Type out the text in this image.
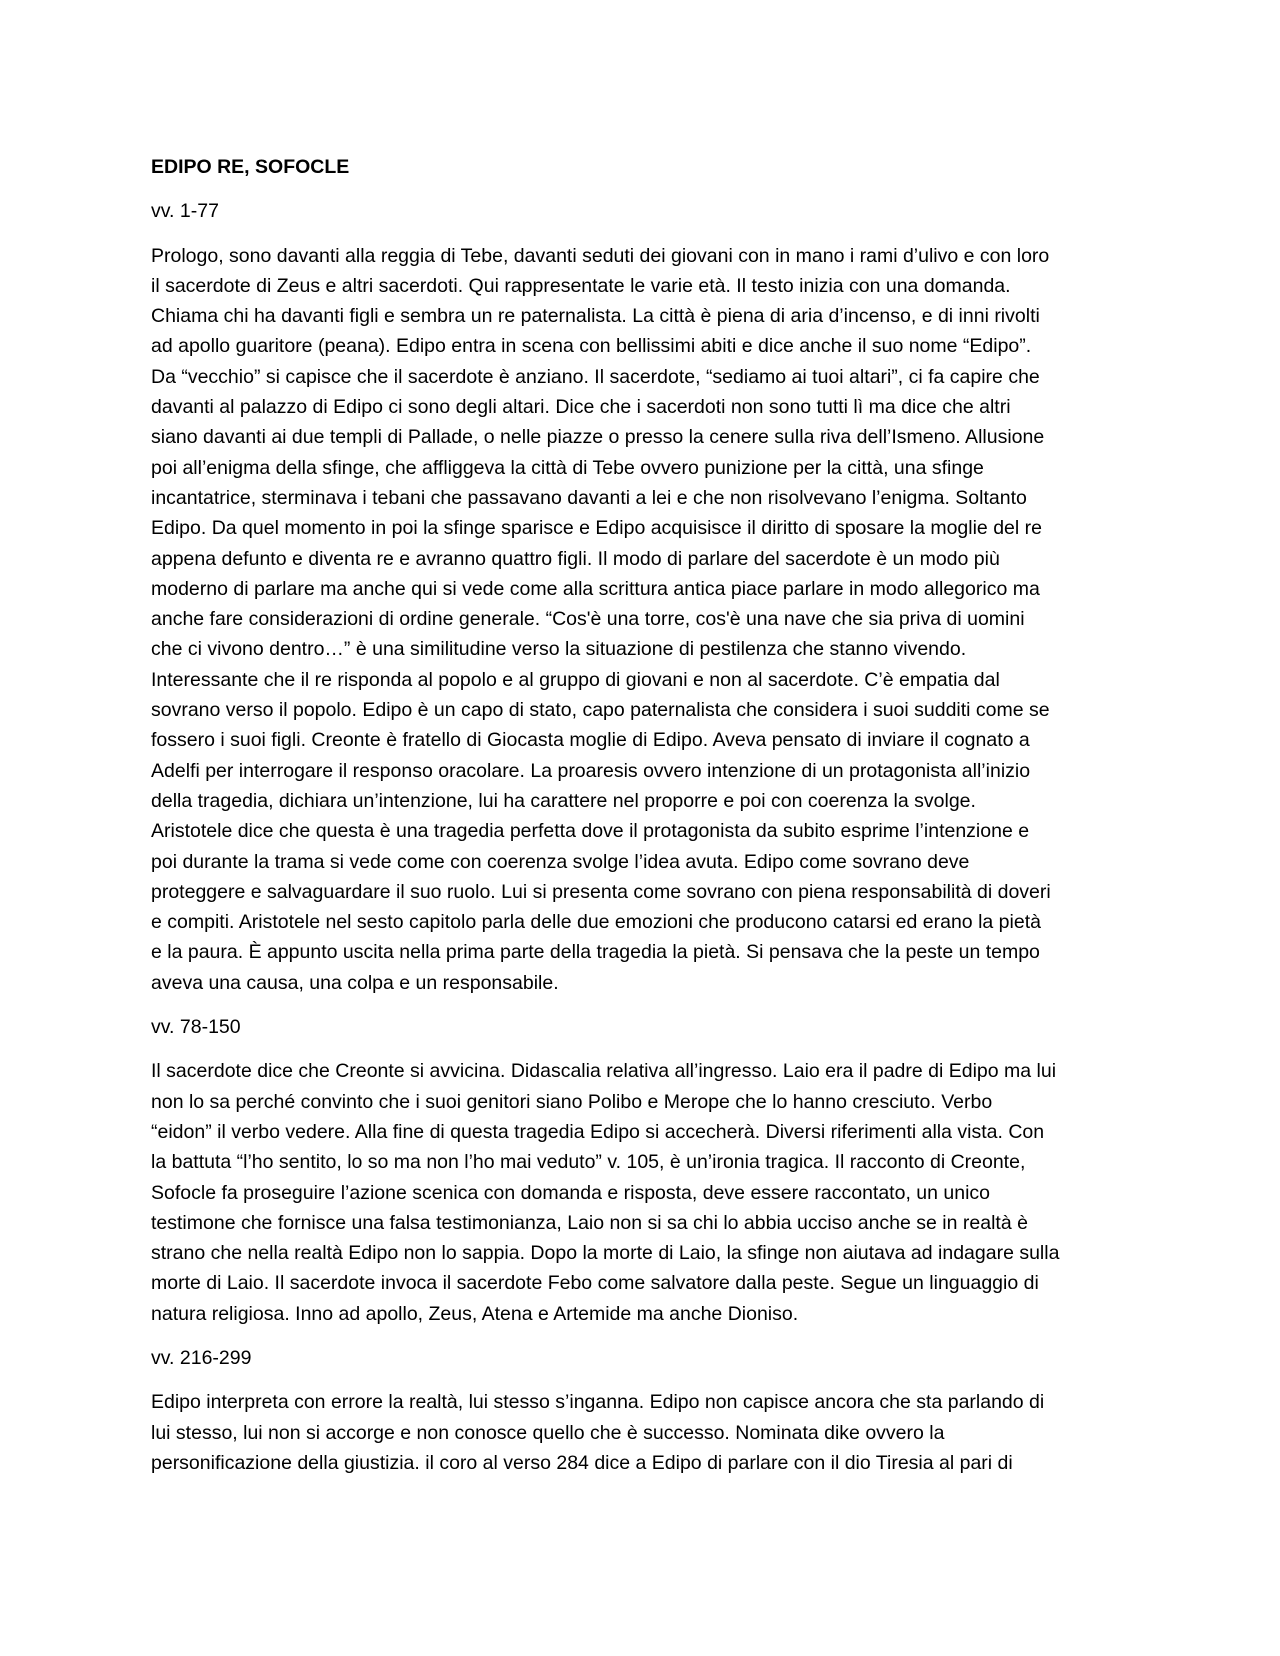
EDIPO RE, SOFOCLE
vv. 1-77
Prologo, sono davanti alla reggia di Tebe, davanti seduti dei giovani con in mano i rami d’ulivo e con loro
il sacerdote di Zeus e altri sacerdoti. Qui rappresentate le varie età. Il testo inizia con una domanda.
Chiama chi ha davanti figli e sembra un re paternalista. La città è piena di aria d’incenso, e di inni rivolti
ad apollo guaritore (peana). Edipo entra in scena con bellissimi abiti e dice anche il suo nome “Edipo”.
Da “vecchio” si capisce che il sacerdote è anziano. Il sacerdote, “sediamo ai tuoi altari”, ci fa capire che
davanti al palazzo di Edipo ci sono degli altari. Dice che i sacerdoti non sono tutti lì ma dice che altri
siano davanti ai due templi di Pallade, o nelle piazze o presso la cenere sulla riva dell’Ismeno. Allusione
poi all’enigma della sfinge, che affliggeva la città di Tebe ovvero punizione per la città, una sfinge
incantatrice, sterminava i tebani che passavano davanti a lei e che non risolvevano l’enigma. Soltanto
Edipo. Da quel momento in poi la sfinge sparisce e Edipo acquisisce il diritto di sposare la moglie del re
appena defunto e diventa re e avranno quattro figli. Il modo di parlare del sacerdote è un modo più
moderno di parlare ma anche qui si vede come alla scrittura antica piace parlare in modo allegorico ma
anche fare considerazioni di ordine generale. “Cos'è una torre, cos'è una nave che sia priva di uomini
che ci vivono dentro…” è una similitudine verso la situazione di pestilenza che stanno vivendo.
Interessante che il re risponda al popolo e al gruppo di giovani e non al sacerdote. C’è empatia dal
sovrano verso il popolo. Edipo è un capo di stato, capo paternalista che considera i suoi sudditi come se
fossero i suoi figli. Creonte è fratello di Giocasta moglie di Edipo. Aveva pensato di inviare il cognato a
Adelfi per interrogare il responso oracolare. La proaresis ovvero intenzione di un protagonista all’inizio
della tragedia, dichiara un’intenzione, lui ha carattere nel proporre e poi con coerenza la svolge.
Aristotele dice che questa è una tragedia perfetta dove il protagonista da subito esprime l’intenzione e
poi durante la trama si vede come con coerenza svolge l’idea avuta. Edipo come sovrano deve
proteggere e salvaguardare il suo ruolo. Lui si presenta come sovrano con piena responsabilità di doveri
e compiti. Aristotele nel sesto capitolo parla delle due emozioni che producono catarsi ed erano la pietà
e la paura. È appunto uscita nella prima parte della tragedia la pietà. Si pensava che la peste un tempo
aveva una causa, una colpa e un responsabile.
vv. 78-150
Il sacerdote dice che Creonte si avvicina. Didascalia relativa all’ingresso. Laio era il padre di Edipo ma lui
non lo sa perché convinto che i suoi genitori siano Polibo e Merope che lo hanno cresciuto. Verbo
“eidon” il verbo vedere. Alla fine di questa tragedia Edipo si accecherà. Diversi riferimenti alla vista. Con
la battuta “l’ho sentito, lo so ma non l’ho mai veduto” v. 105, è un’ironia tragica. Il racconto di Creonte,
Sofocle fa proseguire l’azione scenica con domanda e risposta, deve essere raccontato, un unico
testimone che fornisce una falsa testimonianza, Laio non si sa chi lo abbia ucciso anche se in realtà è
strano che nella realtà Edipo non lo sappia. Dopo la morte di Laio, la sfinge non aiutava ad indagare sulla
morte di Laio. Il sacerdote invoca il sacerdote Febo come salvatore dalla peste. Segue un linguaggio di
natura religiosa. Inno ad apollo, Zeus, Atena e Artemide ma anche Dioniso.
vv. 216-299
Edipo interpreta con errore la realtà, lui stesso s’inganna. Edipo non capisce ancora che sta parlando di
lui stesso, lui non si accorge e non conosce quello che è successo. Nominata dike ovvero la
personificazione della giustizia. il coro al verso 284 dice a Edipo di parlare con il dio Tiresia al pari di
